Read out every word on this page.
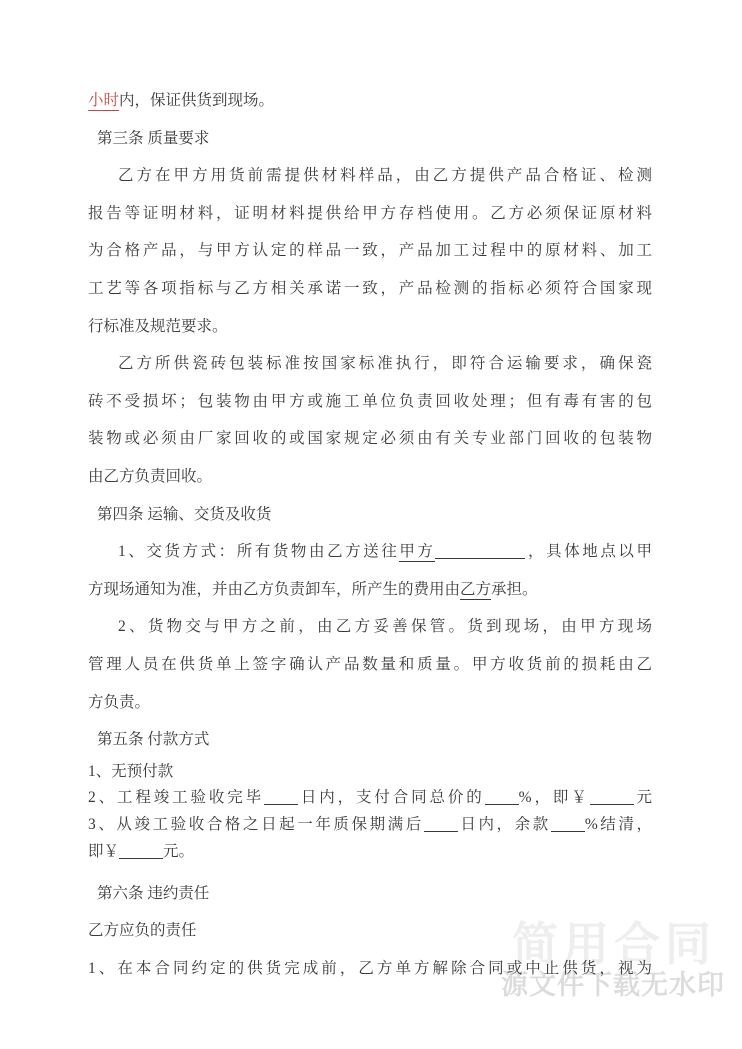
简用合同
源文件下载无水印
小时内，保证供货到现场。
第三条 质量要求
乙方在甲方用货前需提供材料样品，由乙方提供产品合格证、检测
报告等证明材料，证明材料提供给甲方存档使用。乙方必须保证原材料
为合格产品，与甲方认定的样品一致，产品加工过程中的原材料、加工
工艺等各项指标与乙方相关承诺一致，产品检测的指标必须符合国家现
行标准及规范要求。
乙方所供瓷砖包装标准按国家标准执行，即符合运输要求，确保瓷
砖不受损坏；包装物由甲方或施工单位负责回收处理；但有毒有害的包
装物或必须由厂家回收的或国家规定必须由有关专业部门回收的包装物
由乙方负责回收。
第四条 运输、交货及收货
1、交货方式：所有货物由乙方送往甲方	，具体地点以甲
方现场通知为准，并由乙方负责卸车，所产生的费用由乙方承担。
2、货物交与甲方之前，由乙方妥善保管。货到现场，由甲方现场
管理人员在供货单上签字确认产品数量和质量。甲方收货前的损耗由乙
方负责。
第五条 付款方式
1、无预付款
2、工程竣工验收完毕 日内，支付合同总价的 %，即￥	元
3、从竣工验收合格之日起一年质保期满后 日内，余款 %结清，
即￥	元。
第六条 违约责任
乙方应负的责任
1、在本合同约定的供货完成前，乙方单方解除合同或中止供货，视为
